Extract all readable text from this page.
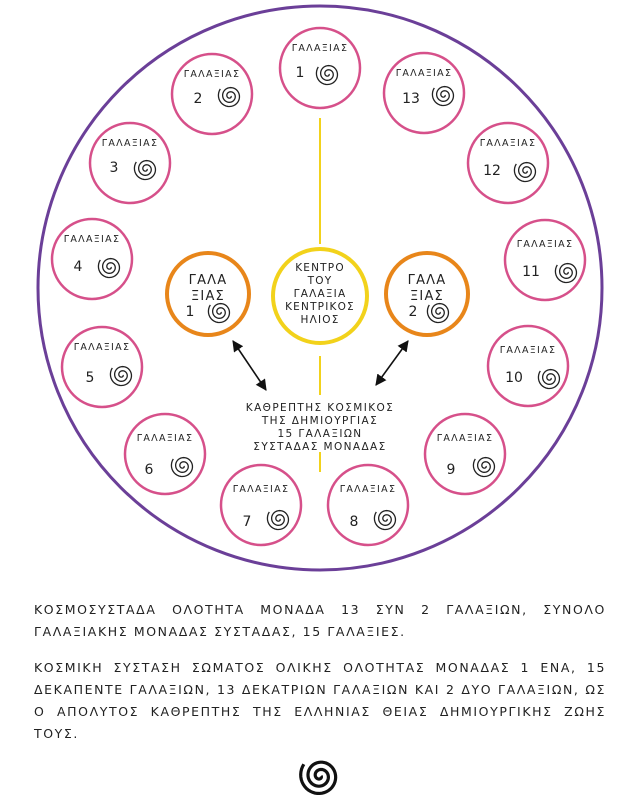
ΓΑΛΑΞΙΑΣ
1
ΓΑΛΑΞΙΑΣ
2
ΓΑΛΑΞΙΑΣ
3
ΓΑΛΑΞΙΑΣ
4
ΓΑΛΑΞΙΑΣ
5
ΓΑΛΑΞΙΑΣ
6
ΓΑΛΑΞΙΑΣ
7
ΓΑΛΑΞΙΑΣ
8
ΓΑΛΑΞΙΑΣ
9
ΓΑΛΑΞΙΑΣ
10
ΓΑΛΑΞΙΑΣ
11
ΓΑΛΑΞΙΑΣ
12
ΓΑΛΑΞΙΑΣ
13
ΓΑΛΑ
ΞΙΑΣ
1
ΓΑΛΑ
ΞΙΑΣ
2
ΚΕΝΤΡΟ
ΤΟΥ
ΓΑΛΑΞΙΑ
ΚΕΝΤΡΙΚΟΣ
ΗΛΙΟΣ
ΚΑΘΡΕΠΤΗΣ ΚΟΣΜΙΚΟΣ
ΤΗΣ ΔΗΜΙΟΥΡΓΙΑΣ
15 ΓΑΛΑΞΙΩΝ
ΣΥΣΤΑΔΑΣ ΜΟΝΑΔΑΣ

ΚΟΣΜΟΣΥΣΤΑΔΑ ΟΛΟΤΗΤΑ ΜΟΝΑΔΑ 13 ΣΥΝ 2 ΓΑΛΑΞΙΩΝ, ΣΥΝΟΛΟ ΓΑΛΑΞΙΑΚΗΣ ΜΟΝΑΔΑΣ ΣΥΣΤΑΔΑΣ, 15 ΓΑΛΑΞΙΕΣ.

ΚΟΣΜΙΚΗ ΣΥΣΤΑΣΗ ΣΩΜΑΤΟΣ ΟΛΙΚΗΣ ΟΛΟΤΗΤΑΣ ΜΟΝΑΔΑΣ 1 ΕΝΑ, 15 ΔΕΚΑΠΕΝΤΕ ΓΑΛΑΞΙΩΝ, 13 ΔΕΚΑΤΡΙΩΝ ΓΑΛΑΞΙΩΝ ΚΑΙ 2 ΔΥΟ ΓΑΛΑΞΙΩΝ, ΩΣ Ο ΑΠΟΛΥΤΟΣ ΚΑΘΡΕΠΤΗΣ ΤΗΣ ΕΛΛΗΝΙΑΣ ΘΕΙΑΣ ΔΗΜΙΟΥΡΓΙΚΗΣ ΖΩΗΣ ΤΟΥΣ.
